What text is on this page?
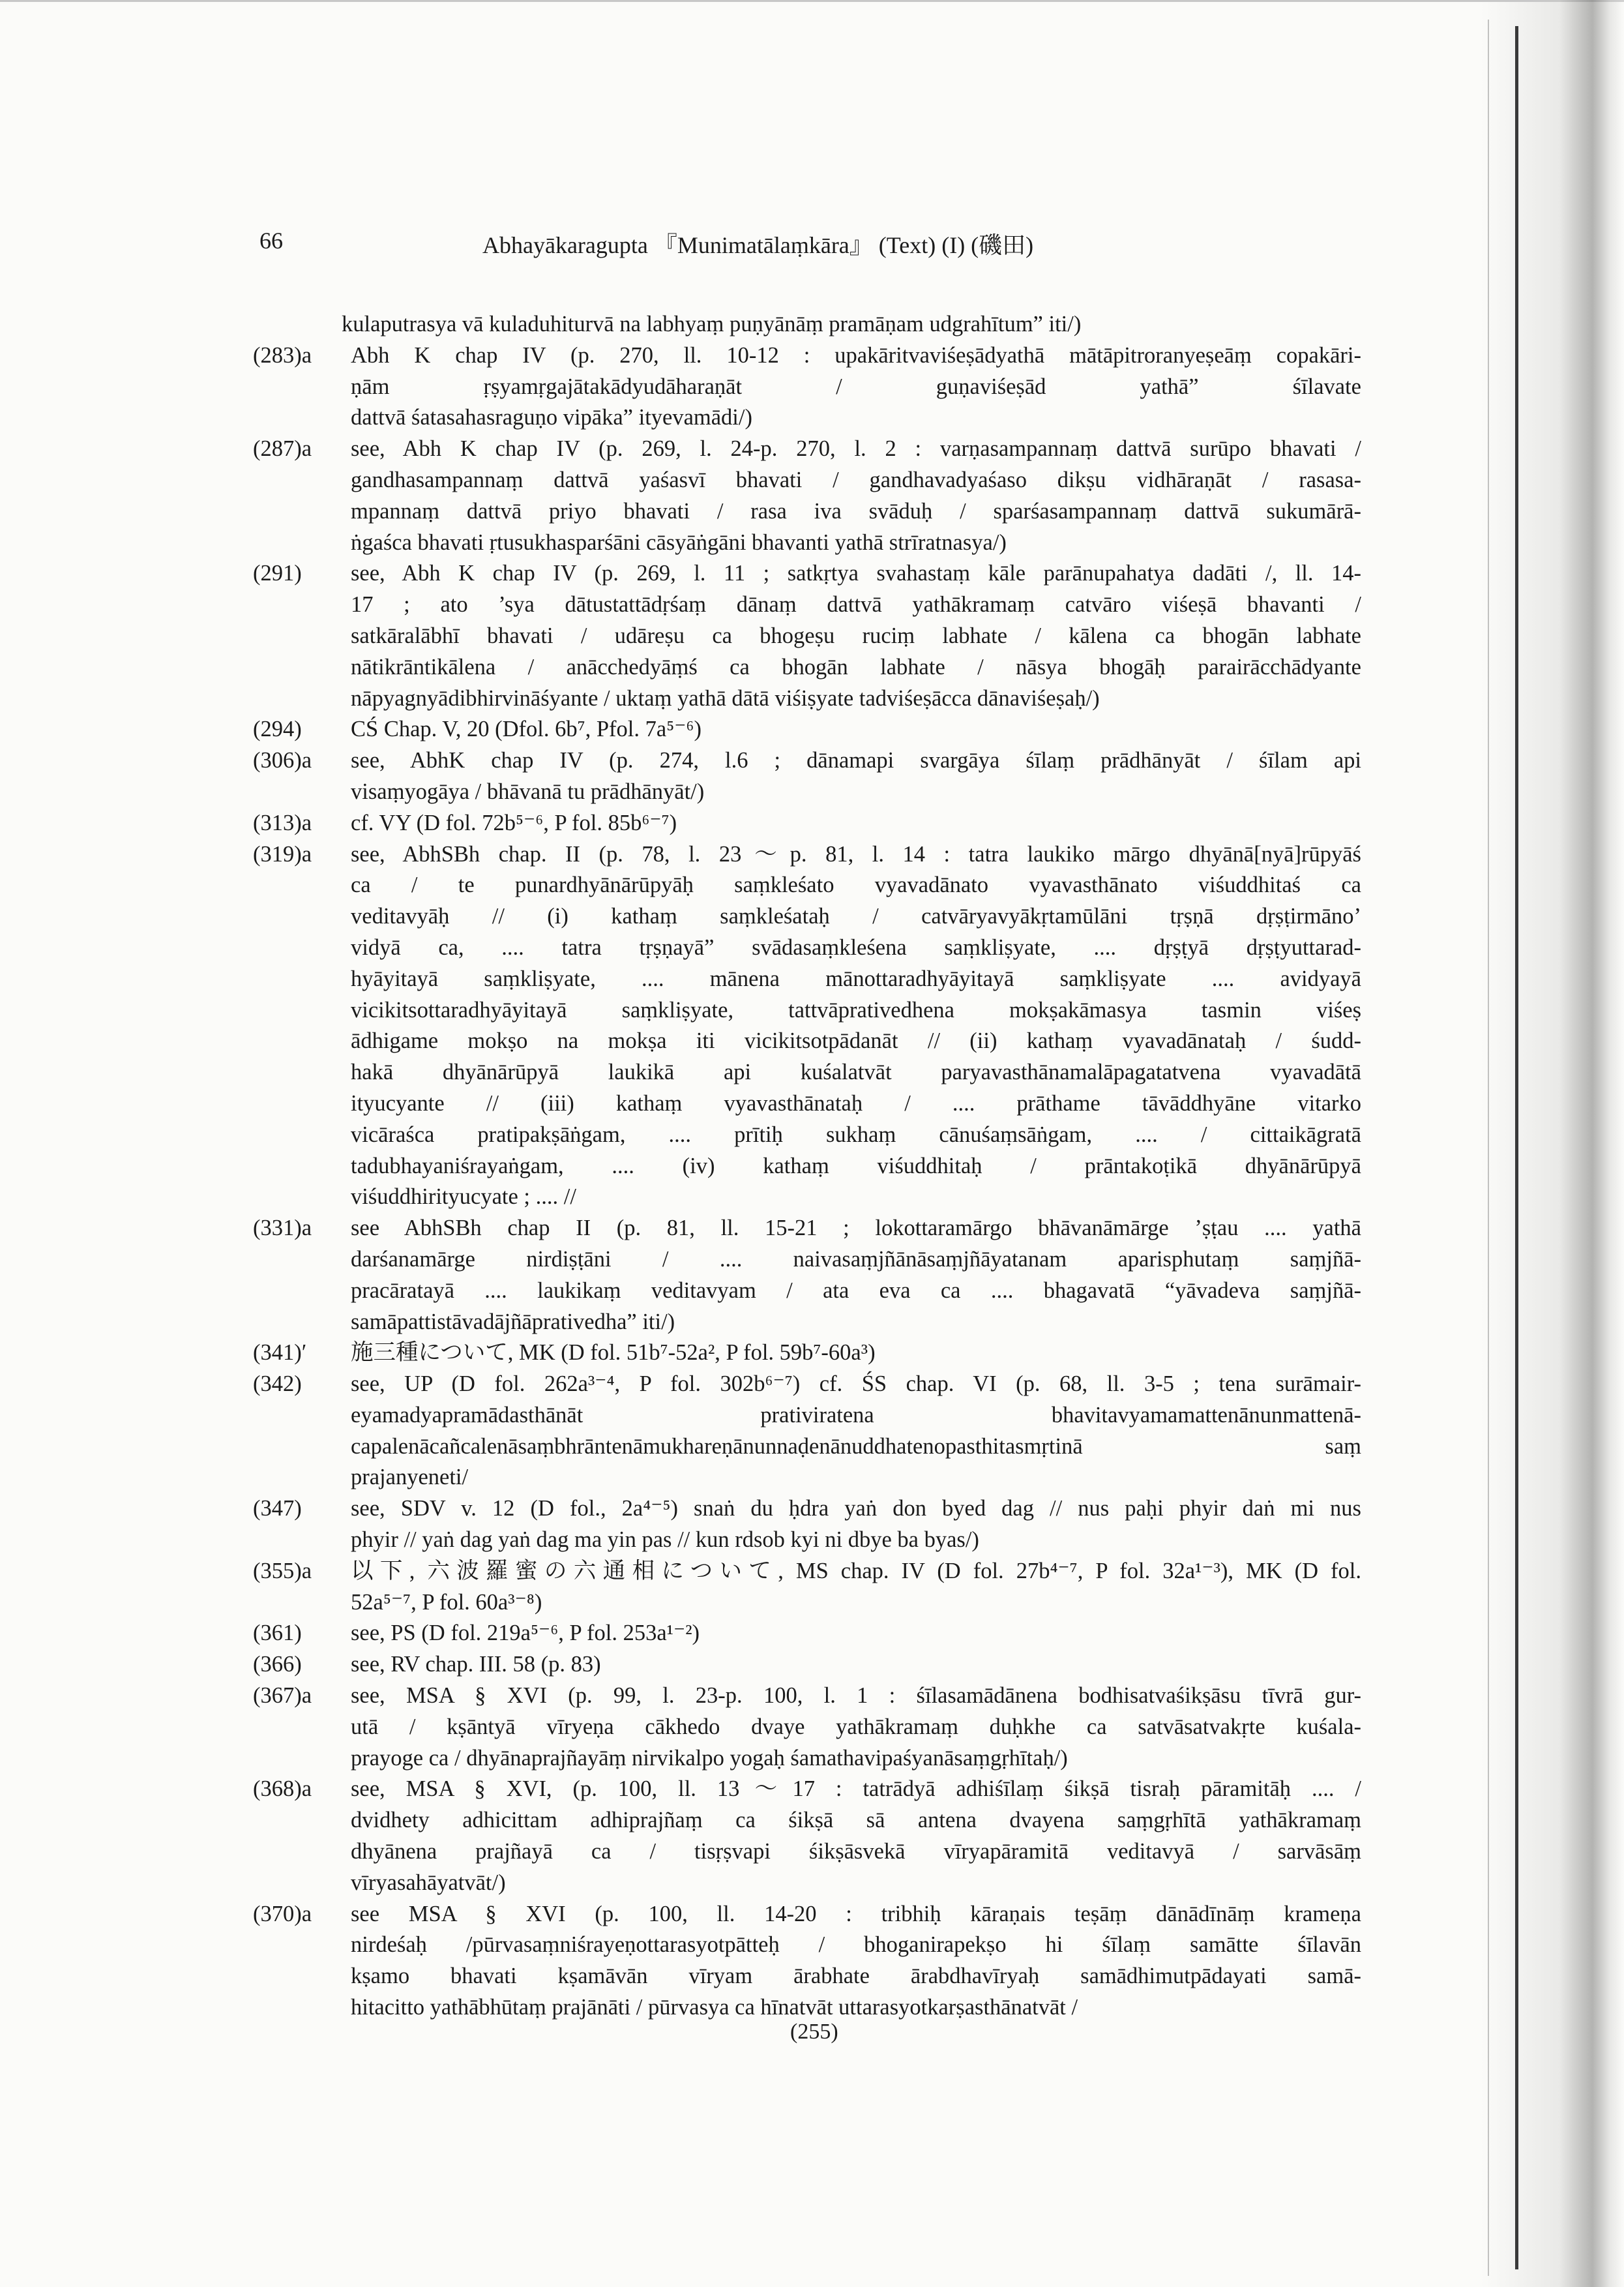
66	Abhayākaragupta 『Munimatālaṃkāra』 (Text) (I) (磯田)
kulaputrasya vā kuladuhiturvā na labhyaṃ puṇyānāṃ pramāṇam udgrahītum” iti/)
(283)a	Abh K chap IV (p. 270, ll. 10-12 : upakāritvaviśeṣādyathā mātāpitroranyeṣeāṃ copakāri-
ṇām ṛṣyamṛgajātakādyudāharaṇāt / guṇaviśeṣād yathā” śīlavate
dattvā śatasahasraguṇo vipāka” ityevamādi/)
(287)a	see, Abh K chap IV (p. 269, l. 24-p. 270, l. 2 : varṇasampannaṃ dattvā surūpo bhavati /
gandhasampannaṃ dattvā yaśasvī bhavati / gandhavadyaśaso dikṣu vidhāraṇāt / rasasa-
mpannaṃ dattvā priyo bhavati / rasa iva svāduḥ / sparśasampannaṃ dattvā sukumārā-
ṅgaśca bhavati ṛtusukhasparśāni cāsyāṅgāni bhavanti yathā strīratnasya/)
(291)	see, Abh K chap IV (p. 269, l. 11 ; satkṛtya svahastaṃ kāle parānupahatya dadāti /, ll. 14-
17 ; ato ’sya dātustattādṛśaṃ dānaṃ dattvā yathākramaṃ catvāro viśeṣā bhavanti /
satkāralābhī bhavati / udāreṣu ca bhogeṣu ruciṃ labhate / kālena ca bhogān labhate
nātikrāntikālena / anācchedyāṃś ca bhogān labhate / nāsya bhogāḥ parairācchādyante
nāpyagnyādibhirvināśyante / uktaṃ yathā dātā viśiṣyate tadviśeṣācca dānaviśeṣaḥ/)
(294)	CŚ Chap. V, 20 (Dfol. 6b⁷, Pfol. 7a⁵⁻⁶)
(306)a	see, AbhK chap IV (p. 274, l.6 ; dānamapi svargāya śīlaṃ prādhānyāt / śīlam api
visaṃyogāya / bhāvanā tu prādhānyāt/)
(313)a	cf. VY (D fol. 72b⁵⁻⁶, P fol. 85b⁶⁻⁷)
(319)a	see, AbhSBh chap. II (p. 78, l. 23～p. 81, l. 14 : tatra laukiko mārgo dhyānā[nyā]rūpyāś
ca / te punardhyānārūpyāḥ saṃkleśato vyavadānato vyavasthānato viśuddhitaś ca
veditavyāḥ // (i) kathaṃ saṃkleśataḥ / catvāryavyākṛtamūlāni tṛṣṇā dṛṣṭirmāno’
vidyā ca, .... tatra tṛṣṇayā” svādasaṃkleśena saṃkliṣyate, .... dṛṣṭyā dṛṣṭyuttarad-
hyāyitayā saṃkliṣyate, .... mānena mānottaradhyāyitayā saṃkliṣyate .... avidyayā
vicikitsottaradhyāyitayā saṃkliṣyate, tattvāprativedhena mokṣakāmasya tasmin viśeṣ
ādhigame mokṣo na mokṣa iti vicikitsotpādanāt // (ii) kathaṃ vyavadānataḥ / śudd-
hakā dhyānārūpyā laukikā api kuśalatvāt paryavasthānamalāpagatatvena vyavadātā
ityucyante // (iii) kathaṃ vyavasthānataḥ / .... prāthame tāvāddhyāne vitarko
vicāraśca pratipakṣāṅgam, .... prītiḥ sukhaṃ cānuśaṃsāṅgam, .... / cittaikāgratā
tadubhayaniśrayaṅgam, .... (iv) kathaṃ viśuddhitaḥ / prāntakoṭikā dhyānārūpyā
viśuddhirityucyate ; .... //
(331)a	see AbhSBh chap II (p. 81, ll. 15-21 ; lokottaramārgo bhāvanāmārge ’ṣṭau .... yathā
darśanamārge nirdiṣṭāni / .... naivasaṃjñānāsaṃjñāyatanam aparisphutaṃ saṃjñā-
pracāratayā .... laukikaṃ veditavyam / ata eva ca .... bhagavatā “yāvadeva saṃjñā-
samāpattistāvadājñāprativedha” iti/)
(341)′	施三種について, MK (D fol. 51b⁷-52a², P fol. 59b⁷-60a³)
(342)	see, UP (D fol. 262a³⁻⁴, P fol. 302b⁶⁻⁷) cf. ŚS chap. VI (p. 68, ll. 3-5 ; tena surāmair-
eyamadyapramādasthānāt prativiratena bhavitavyamamattenānunmattenā-
capalenācañcalenāsaṃbhrāntenāmukhareṇānunnaḍenānuddhatenopasthitasmṛtinā saṃ
prajanyeneti/
(347)	see, SDV v. 12 (D fol., 2a⁴⁻⁵) snaṅ du ḥdra yaṅ don byed dag // nus paḥi phyir daṅ mi nus
phyir // yaṅ dag yaṅ dag ma yin pas // kun rdsob kyi ni dbye ba byas/)
(355)a	以下, 六波羅蜜の六通相について, MS chap. IV (D fol. 27b⁴⁻⁷, P fol. 32a¹⁻³), MK (D fol.
52a⁵⁻⁷, P fol. 60a³⁻⁸)
(361)	see, PS (D fol. 219a⁵⁻⁶, P fol. 253a¹⁻²)
(366)	see, RV chap. III. 58 (p. 83)
(367)a	see, MSA § XVI (p. 99, l. 23-p. 100, l. 1 : śīlasamādānena bodhisatvaśikṣāsu tīvrā gur-
utā / kṣāntyā vīryeṇa cākhedo dvaye yathākramaṃ duḥkhe ca satvāsatvakṛte kuśala-
prayoge ca / dhyānaprajñayāṃ nirvikalpo yogaḥ śamathavipaśyanāsaṃgṛhītaḥ/)
(368)a	see, MSA § XVI, (p. 100, ll. 13～17 : tatrādyā adhiśīlaṃ śikṣā tisraḥ pāramitāḥ .... /
dvidhety adhicittam adhiprajñaṃ ca śikṣā sā antena dvayena saṃgṛhītā yathākramaṃ
dhyānena prajñayā ca / tisṛṣvapi śikṣāsvekā vīryapāramitā veditavyā / sarvāsāṃ
vīryasahāyatvāt/)
(370)a	see MSA § XVI (p. 100, ll. 14-20 : tribhiḥ kāraṇais teṣāṃ dānādīnāṃ krameṇa
nirdeśaḥ /pūrvasaṃniśrayeṇottarasyotpātteḥ / bhoganirapekṣo hi śīlaṃ samātte śīlavān
kṣamo bhavati kṣamāvān vīryam ārabhate ārabdhavīryaḥ samādhimutpādayati samā-
hitacitto yathābhūtaṃ prajānāti / pūrvasya ca hīnatvāt uttarasyotkarṣasthānatvāt /
(255)
